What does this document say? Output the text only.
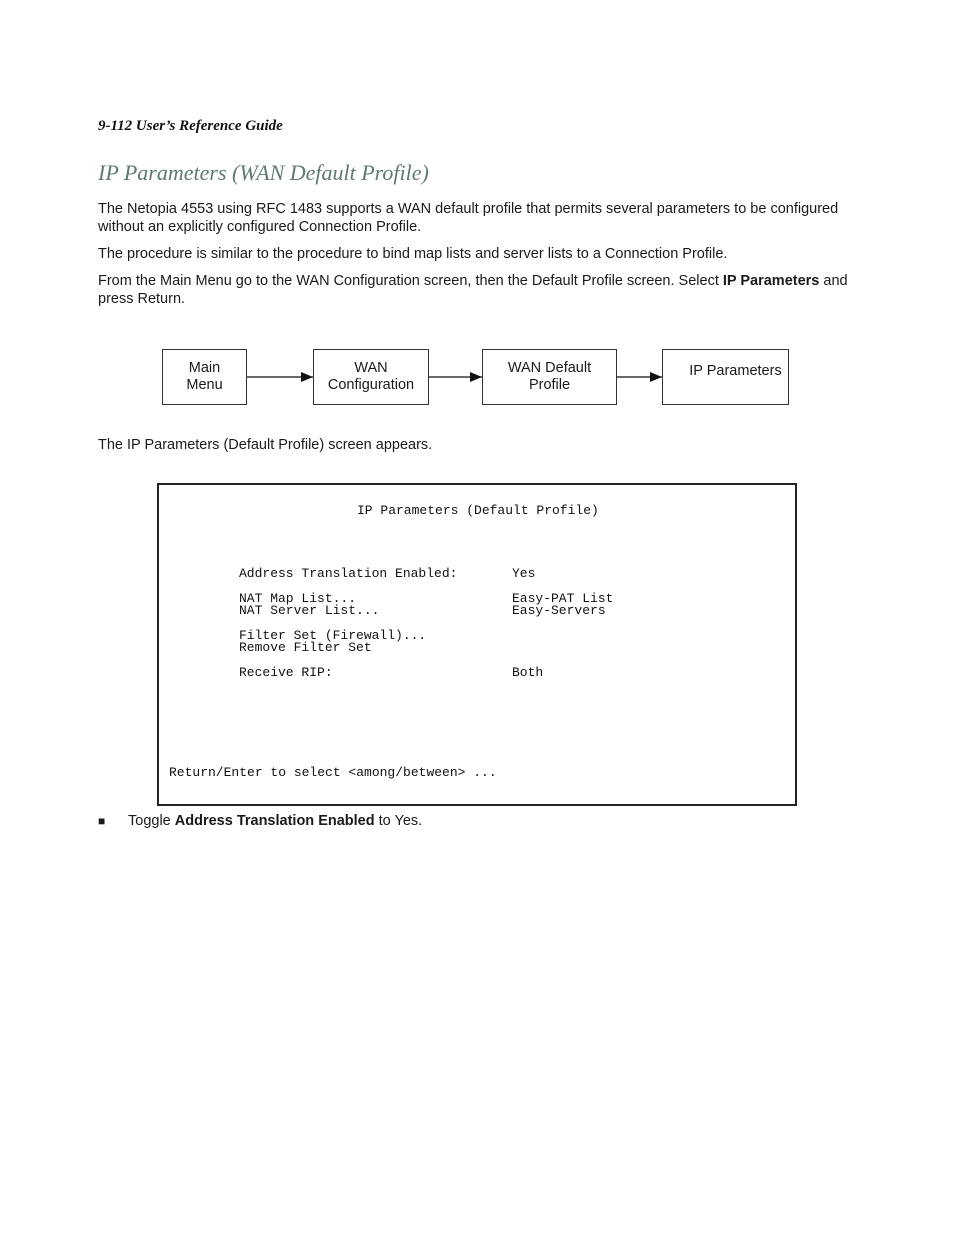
9-112 User’s Reference Guide
IP Parameters (WAN Default Profile)

The Netopia 4553 using RFC 1483 supports a WAN default profile that permits several parameters to be configured without an explicitly configured Connection Profile.

The procedure is similar to the procedure to bind map lists and server lists to a Connection Profile.

From the Main Menu go to the WAN Configuration screen, then the Default Profile screen. Select IP Parameters and press Return.

Main
Menu
WAN
Configuration
WAN Default
Profile
IP Parameters

The IP Parameters (Default Profile) screen appears.

IP Parameters (Default Profile)
Address Translation Enabled:	Yes
NAT Map List...	Easy-PAT List
NAT Server List...	Easy-Servers
Filter Set (Firewall)...
Remove Filter Set
Receive RIP:	Both
Return/Enter to select <among/between> ...
■ Toggle Address Translation Enabled to Yes.
